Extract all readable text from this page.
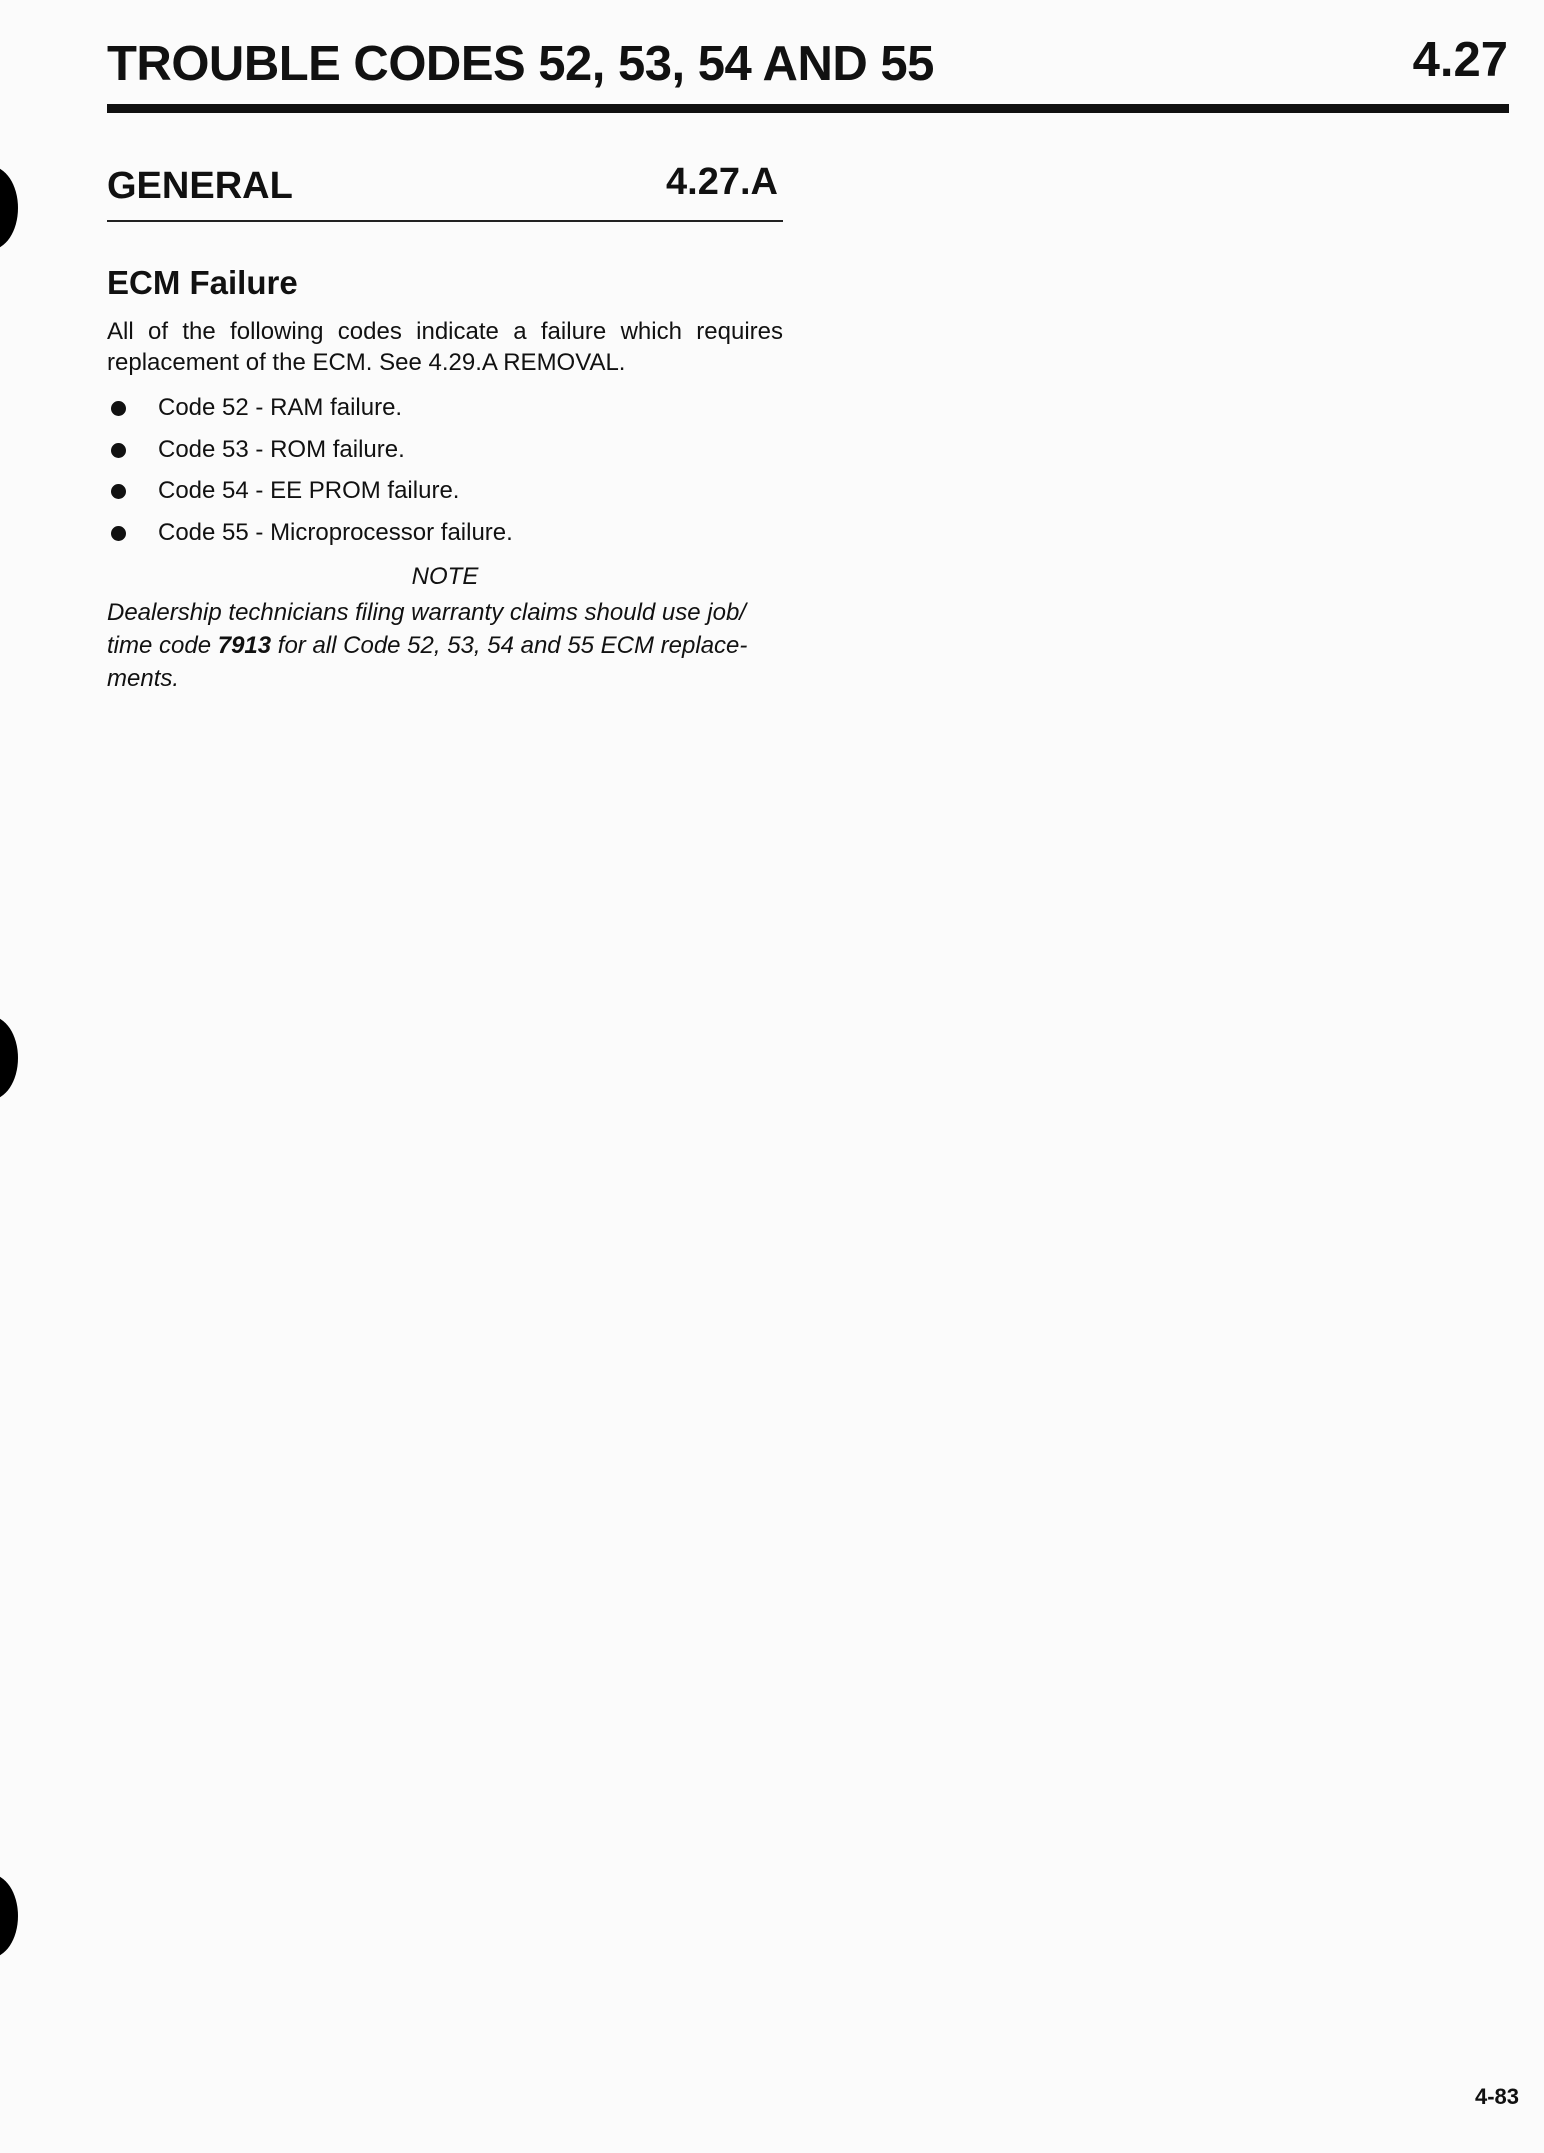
TROUBLE CODES 52, 53, 54 AND 55	4.27
GENERAL	4.27.A
ECM Failure

All of the following codes indicate a failure which requires replacement of the ECM. See 4.29.A REMOVAL.

Code 52 - RAM failure.
Code 53 - ROM failure.
Code 54 - EE PROM failure.
Code 55 - Microprocessor failure.
NOTE

Dealership technicians filing warranty claims should use job/ time code 7913 for all Code 52, 53, 54 and 55 ECM replace-ments.

4-83
